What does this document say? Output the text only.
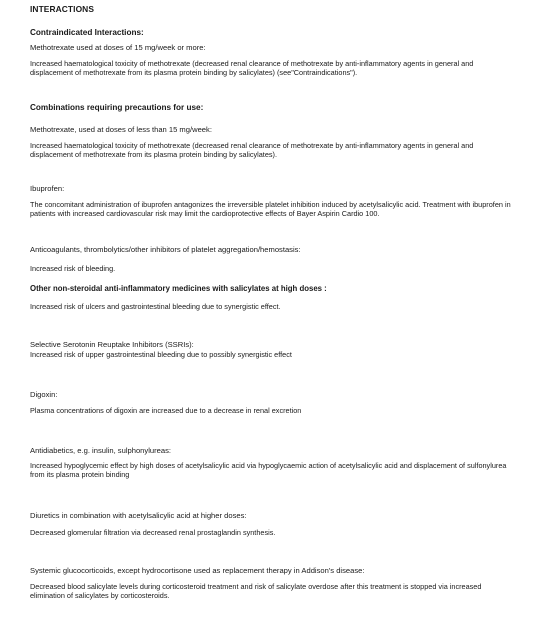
INTERACTIONS

Contraindicated Interactions:

Methotrexate used at doses of 15 mg/week or more:

Increased haematological toxicity of methotrexate (decreased renal clearance of methotrexate by anti-inflammatory agents in general and displacement of methotrexate from its plasma protein binding by salicylates) (see"Contraindications").

Combinations requiring precautions for use:

Methotrexate, used at doses of less than 15 mg/week:

Increased haematological toxicity of methotrexate (decreased renal clearance of methotrexate by anti-inflammatory agents in general and displacement of methotrexate from its plasma protein binding by salicylates).

Ibuprofen:

The concomitant administration of ibuprofen antagonizes the irreversible platelet inhibition induced by acetylsalicylic acid. Treatment with ibuprofen in patients with increased cardiovascular risk may limit the cardioprotective effects of Bayer Aspirin Cardio 100.

Anticoagulants, thrombolytics/other inhibitors of platelet aggregation/hemostasis:

Increased risk of bleeding.

Other non-steroidal anti-inflammatory medicines with salicylates at high doses :

Increased risk of ulcers and gastrointestinal bleeding due to synergistic effect.

Selective Serotonin Reuptake Inhibitors (SSRIs):

Increased risk of upper gastrointestinal bleeding due to possibly synergistic effect

Digoxin:

Plasma concentrations of digoxin are increased due to a decrease in renal excretion

Antidiabetics, e.g. insulin, sulphonylureas:

Increased hypoglycemic effect by high doses of acetylsalicylic acid via hypoglycaemic action of acetylsalicylic acid and displacement of sulfonylurea from its plasma protein binding

Diuretics in combination with acetylsalicylic acid at higher doses:

Decreased glomerular filtration via decreased renal prostaglandin synthesis.

Systemic glucocorticoids, except hydrocortisone used as replacement therapy in Addison's disease:

Decreased blood salicylate levels during corticosteroid treatment and risk of salicylate overdose after this treatment is stopped via increased elimination of salicylates by corticosteroids.
